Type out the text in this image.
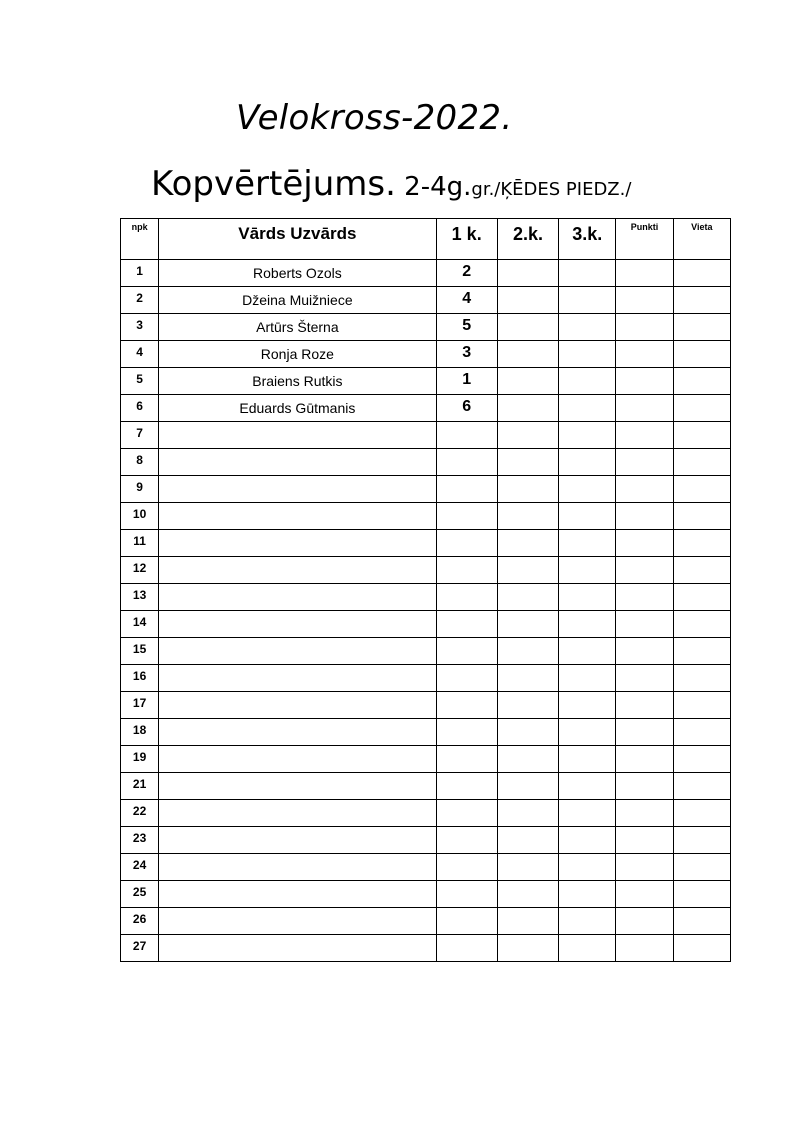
Velokross-2022.
Kopvērtējums. 2-4g.gr./ĶĒDES PIEDZ./
npk	Vārds Uzvārds	1 k.	2.k.	3.k.	Punkti	Vieta

1	Roberts Ozols	2				

2	Džeina Muižniece	4				

3	Artūrs Šterna	5				

4	Ronja Roze	3				

5	Braiens Rutkis	1				

6	Eduards Gūtmanis	6				

7						

8						

9						

10						

11						

12						

13						

14						

15						

16						

17						

18						

19						

21						

22						

23						

24						

25						

26						

27						
